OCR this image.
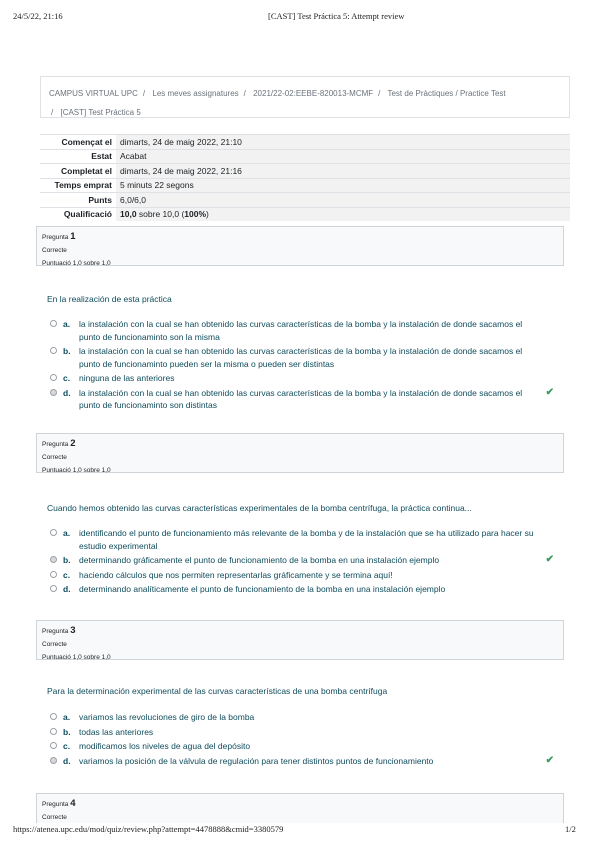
24/5/22, 21:16	[CAST] Test Práctica 5: Attempt review
CAMPUS VIRTUAL UPC / Les meves assignatures / 2021/22-02:EEBE-820013-MCMF / Test de Pràctiques / Practice Test
/ [CAST] Test Práctica 5
Començat el	dimarts, 24 de maig 2022, 21:10
Estat	Acabat
Completat el	dimarts, 24 de maig 2022, 21:16
Temps emprat	5 minuts 22 segons
Punts	6,0/6,0
Qualificació	10,0 sobre 10,0 (100%)
Pregunta 1
Correcte
Puntuació 1,0 sobre 1,0
En la realización de esta práctica
a.	la instalación con la cual se han obtenido las curvas características de la bomba y la instalación de donde sacamos el punto de funcionaminto son la misma
b. la instalación con la cual se han obtenido las curvas características de la bomba y la instalación de donde sacamos el punto de funcionaminto pueden ser la misma o pueden ser distintas
c.	ninguna de las anteriores
d. la instalación con la cual se han obtenido las curvas características de la bomba y la instalación de donde sacamos el punto de funcionaminto son distintas
✔
Pregunta 2
Correcte
Puntuació 1,0 sobre 1,0
Cuando hemos obtenido las curvas características experimentales de la bomba centrífuga, la práctica continua...
a.	identificando el punto de funcionamiento más relevante de la bomba y de la instalación que se ha utilizado para hacer su estudio experimental
b. determinando gráficamente el punto de funcionamiento de la bomba en una instalación ejemplo	✔
c.	haciendo cálculos que nos permiten representarlas gráficamente y se termina aquí!
d. determinando analíticamente el punto de funcionamiento de la bomba en una instalación ejemplo
Pregunta 3
Correcte
Puntuació 1,0 sobre 1,0
Para la determinación experimental de las curvas características de una bomba centrífuga
a.	variamos las revoluciones de giro de la bomba
b. todas las anteriores
c.	modificamos los niveles de agua del depósito
d. variamos la posición de la válvula de regulación para tener distintos puntos de funcionamiento	✔
Pregunta 4
Correcte
https://atenea.upc.edu/mod/quiz/review.php?attempt=4478888&cmid=3380579	1/2
